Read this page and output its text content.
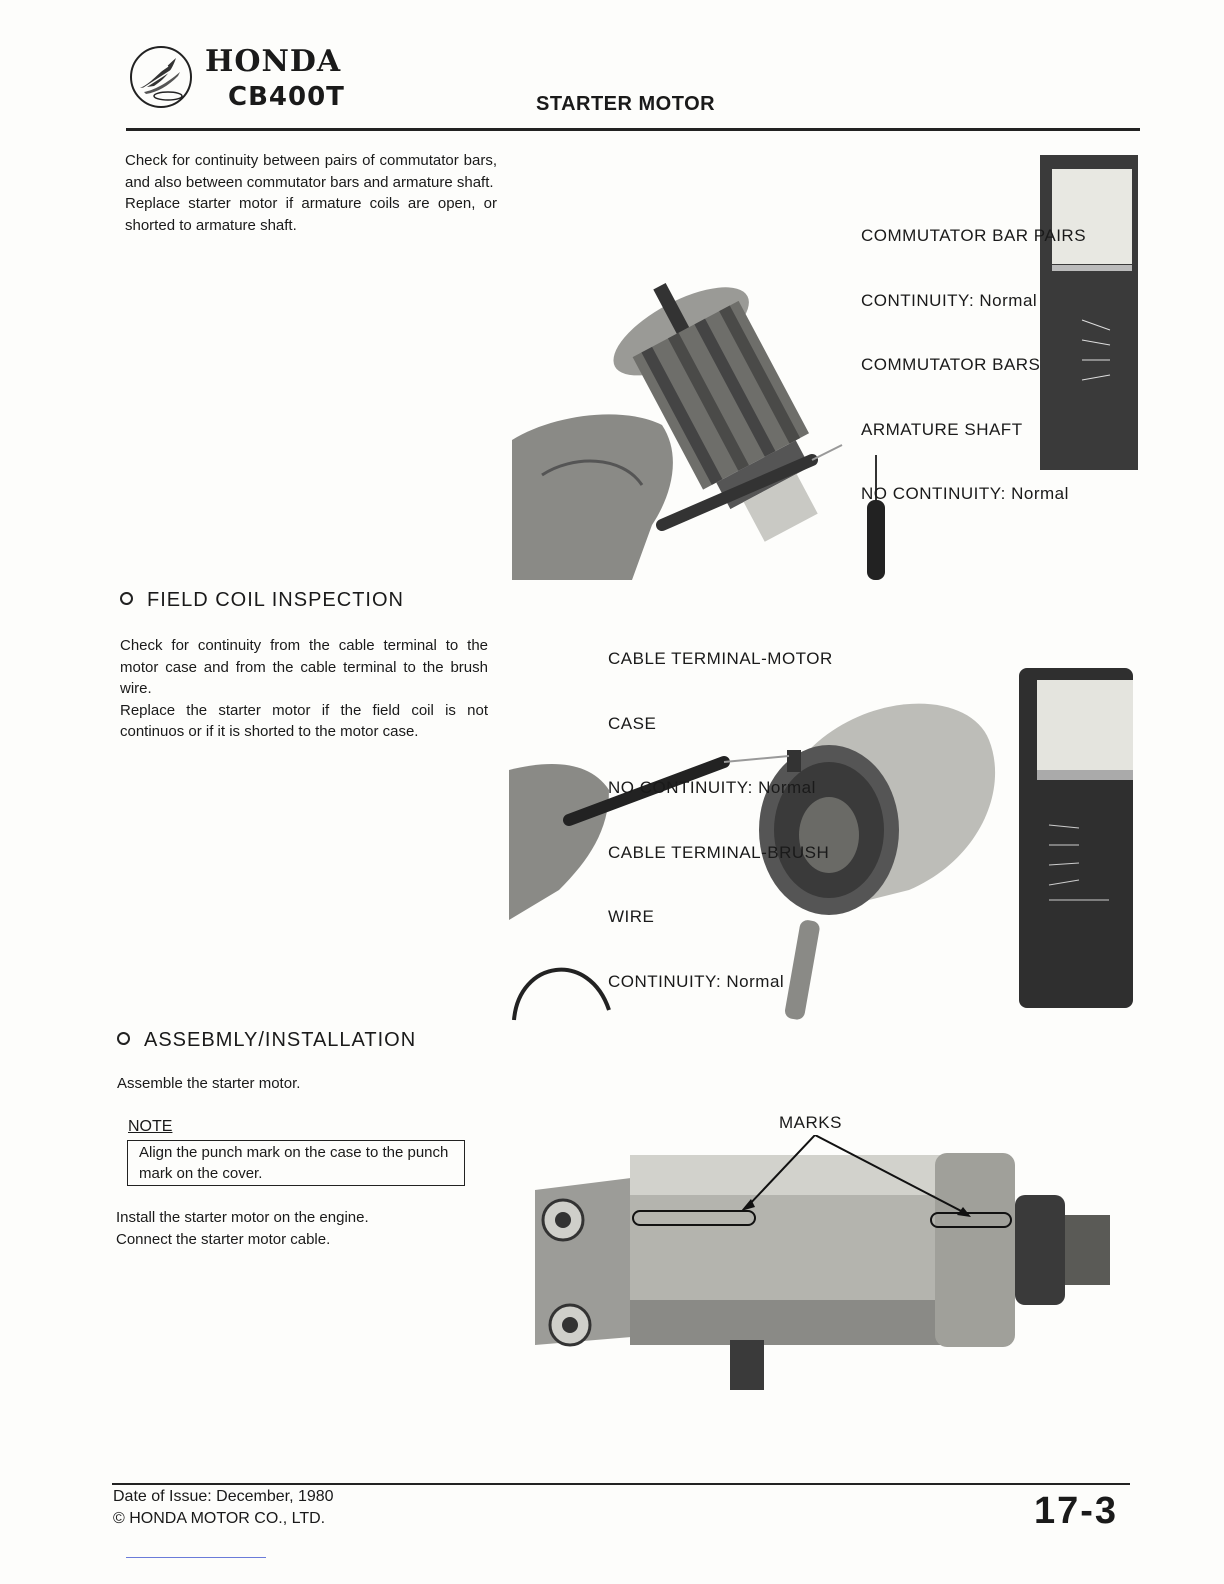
HONDA
CB400T	STARTER MOTOR
Check for continuity between pairs of commutator bars, and also between commutator bars and armature shaft.
Replace starter motor if armature coils are open, or shorted to armature shaft.

COMMUTATOR BAR PAIRS

CONTINUITY: Normal

COMMUTATOR BARS

ARMATURE SHAFT

NO CONTINUITY: Normal

FIELD COIL INSPECTION
Check for continuity from the cable terminal to the motor case and from the cable terminal to the brush wire.
Replace the starter motor if the field coil is not continuos or if it is shorted to the motor case.

CABLE TERMINAL-MOTOR

CASE

NO CONTINUITY: Normal

CABLE TERMINAL-BRUSH

WIRE

CONTINUITY: Normal

ASSEBMLY/INSTALLATION
Assemble the starter motor.
NOTE
Align the punch mark on the case to the punch mark on the cover.
Install the starter motor on the engine.
Connect the starter motor cable.
MARKS
Date of Issue: December, 1980
© HONDA MOTOR CO., LTD.	17-3
